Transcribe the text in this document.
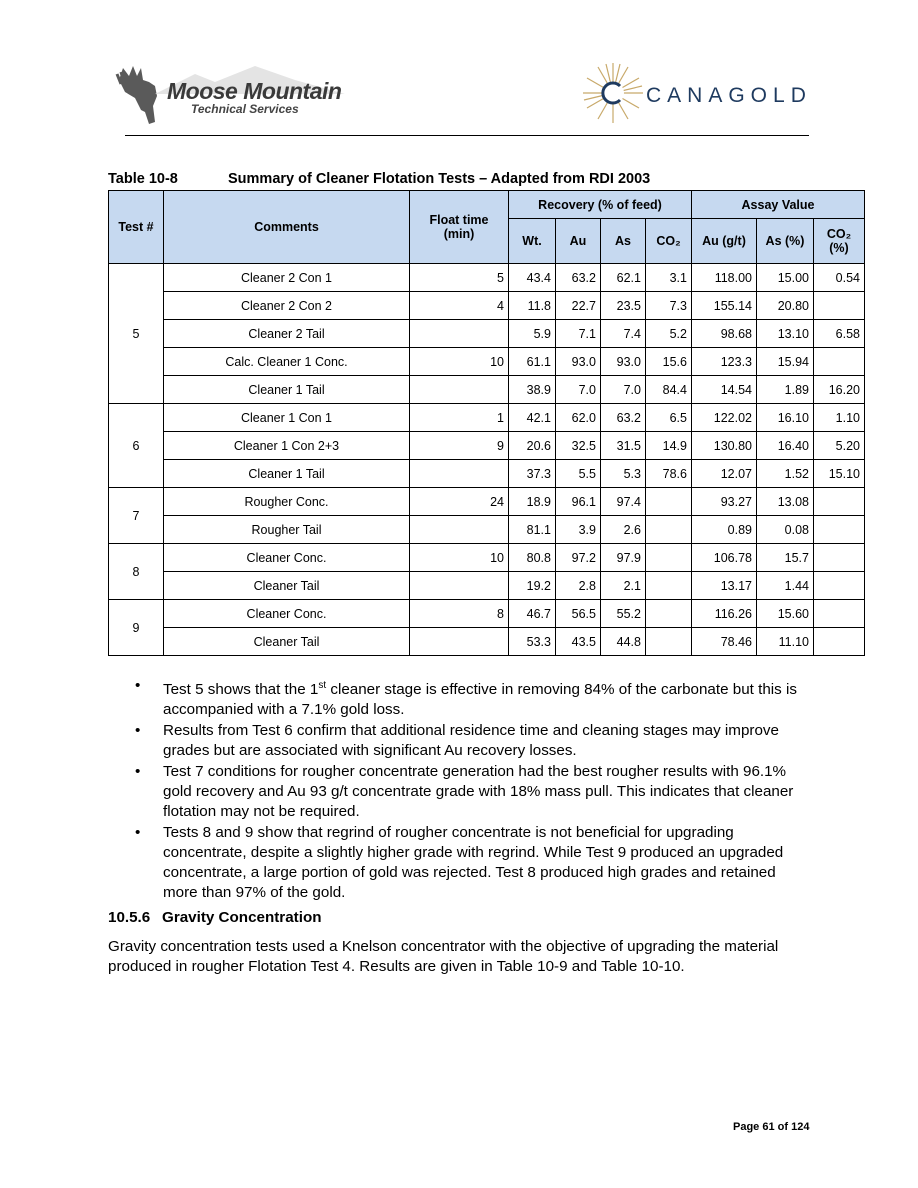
Moose Mountain
Technical Services
CANAGOLD
Table 10-8	Summary of Cleaner Flotation Tests – Adapted from RDI 2003
Test #	Comments	Float time (min)	Recovery (% of feed)				Assay Value		
			Wt.	Au	As	CO₂	Au (g/t)	As (%)	CO₂ (%)
5	Cleaner 2 Con 1	5	43.4	63.2	62.1	3.1	118.00	15.00	0.54
	Cleaner 2 Con 2	4	11.8	22.7	23.5	7.3	155.14	20.80	
	Cleaner 2 Tail		5.9	7.1	7.4	5.2	98.68	13.10	6.58
	Calc. Cleaner 1 Conc.	10	61.1	93.0	93.0	15.6	123.3	15.94	
	Cleaner 1 Tail		38.9	7.0	7.0	84.4	14.54	1.89	16.20
6	Cleaner 1 Con 1	1	42.1	62.0	63.2	6.5	122.02	16.10	1.10
	Cleaner 1 Con 2+3	9	20.6	32.5	31.5	14.9	130.80	16.40	5.20
	Cleaner 1 Tail		37.3	5.5	5.3	78.6	12.07	1.52	15.10
7	Rougher Conc.	24	18.9	96.1	97.4		93.27	13.08	
	Rougher Tail		81.1	3.9	2.6		0.89	0.08	
8	Cleaner Conc.	10	80.8	97.2	97.9		106.78	15.7	
	Cleaner Tail		19.2	2.8	2.1		13.17	1.44	
9	Cleaner Conc.	8	46.7	56.5	55.2		116.26	15.60	
	Cleaner Tail		53.3	43.5	44.8		78.46	11.10	
• Test 5 shows that the 1st cleaner stage is effective in removing 84% of the carbonate but this is accompanied with a 7.1% gold loss.
• Results from Test 6 confirm that additional residence time and cleaning stages may improve grades but are associated with significant Au recovery losses.
• Test 7 conditions for rougher concentrate generation had the best rougher results with 96.1% gold recovery and Au 93 g/t concentrate grade with 18% mass pull. This indicates that cleaner flotation may not be required.
• Tests 8 and 9 show that regrind of rougher concentrate is not beneficial for upgrading concentrate, despite a slightly higher grade with regrind. While Test 9 produced an upgraded concentrate, a large portion of gold was rejected. Test 8 produced high grades and retained more than 97% of the gold.
10.5.6 Gravity Concentration
Gravity concentration tests used a Knelson concentrator with the objective of upgrading the material produced in rougher Flotation Test 4. Results are given in Table 10-9 and Table 10-10.
Page 61 of 124
